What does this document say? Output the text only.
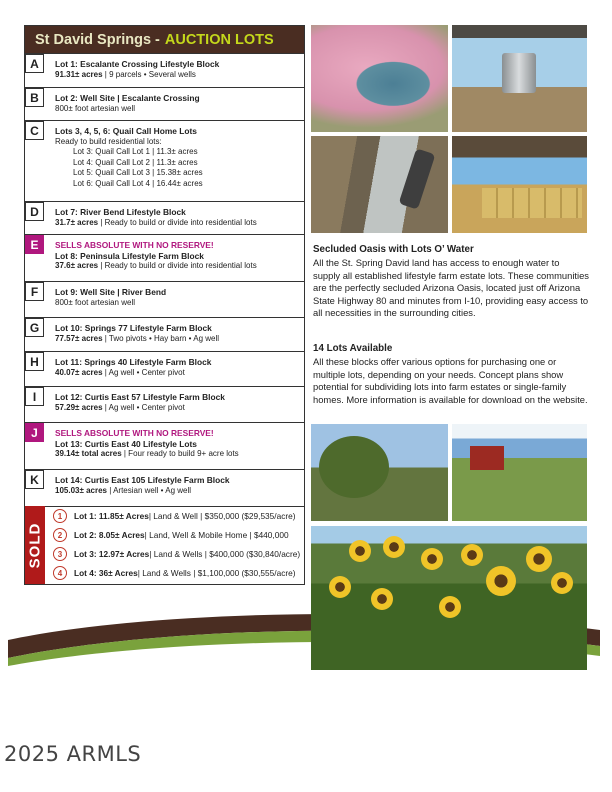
St David Springs - AUCTION LOTS
A	Lot 1: Escalante Crossing Lifestyle Block
91.31± acres | 9 parcels • Several wells
B	Lot 2: Well Site | Escalante Crossing
800± foot artesian well
C	Lots 3, 4, 5, 6: Quail Call Home Lots
Ready to build residential lots:
Lot 3: Quail Call Lot 1 | 11.3± acres
Lot 4: Quail Call Lot 2 | 11.3± acres
Lot 5: Quail Call Lot 3 | 15.38± acres
Lot 6: Quail Call Lot 4 | 16.44± acres
D	Lot 7: River Bend Lifestyle Block
31.7± acres | Ready to build or divide into residential lots
E	SELLS ABSOLUTE WITH NO RESERVE!
Lot 8: Peninsula Lifestyle Farm Block
37.6± acres | Ready to build or divide into residential lots
F	Lot 9: Well Site | River Bend
800± foot artesian well
G	Lot 10: Springs 77 Lifestyle Farm Block
77.57± acres | Two pivots • Hay barn • Ag well
H	Lot 11: Springs 40 Lifestyle Farm Block
40.07± acres | Ag well • Center pivot
I	Lot 12: Curtis East 57 Lifestyle Farm Block
57.29± acres | Ag well • Center pivot
J	SELLS ABSOLUTE WITH NO RESERVE!
Lot 13: Curtis East 40 Lifestyle Lots
39.14± total acres | Four ready to build 9+ acre lots
K	Lot 14: Curtis East 105 Lifestyle Farm Block
105.03± acres | Artesian well • Ag well
SOLD
1	Lot 1: 11.85± Acres | Land & Well | $350,000 ($29,535/acre)
2	Lot 2: 8.05± Acres | Land, Well & Mobile Home | $440,000
3	Lot 3: 12.97± Acres | Land & Wells | $400,000 ($30,840/acre)
4	Lot 4: 36± Acres | Land & Wells | $1,100,000 ($30,555/acre)
Secluded Oasis with Lots O’ Water

All the St. Spring David land has access to enough water to supply all established lifestyle farm estate lots. These communities are the perfectly secluded Arizona Oasis, located just off Arizona State Highway 80 and minutes from I-10, providing easy access to all necessities in the surrounding cities.

14 Lots Available

All these blocks offer various options for purchasing one or multiple lots, depending on your needs. Concept plans show potential for subdividing lots into farm estates or single-family homes. More information is available for download on the website.

2025 ARMLS
